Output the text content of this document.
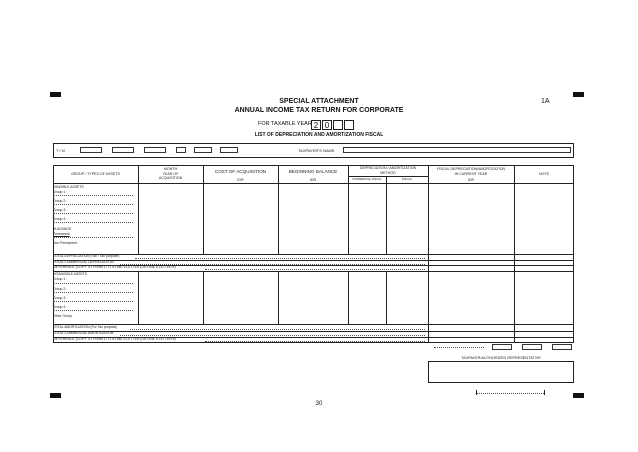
1A
SPECIAL ATTACHMENT
ANNUAL INCOME TAX RETURN FOR CORPORATE
FOR TAXABLE YEAR 2 0
LIST OF DEPRECIATION AND AMORTIZATION FISCAL
T I N	TAXPAYER'S NAME
GROUP / TYPES OF ASSETS
MONTH
YEAR OF
ACQUISITION
COST OF ACQUISITION
IDR
BEGINNING BALANCE
IDR
DEPRECIATION / AMORTIZATION
METHOD
COMMERCIAL FISCAL	FISCAL
FISCAL DEPRECIATION/AMORTIZATION
IN CURRENT YEAR
IDR
NOTE
TANGIBLE ASSETS
Group 1 :
Group 2 :
Group 3 :
Group 4 :
BUILDINGS
Permanent
Non Permanent :
TOTAL DEPRECIATION (Tax / Tax purpose)
TOTAL COMMERCIAL DEPRECIATION
DIFFERENCE (COPY TO FORM 1771 II LINE 5 LETTER (OR LINE 6 LETTER e)
INTANGIBLE ASSETS
Group 1 :
Group 2 :
Group 3 :
Group 4 :
Other Group
TOTAL AMORTIZATION (For Tax purpose)
TOTAL COMMERCIAL AMORTIZATION
DIFFERENCE (COPY TO FORM 1771 II LINE 5 LETTER (OR LINE 6 LETTER e)
TAXPAYER/AUTHORIZED REPRESENTATIVE
30
